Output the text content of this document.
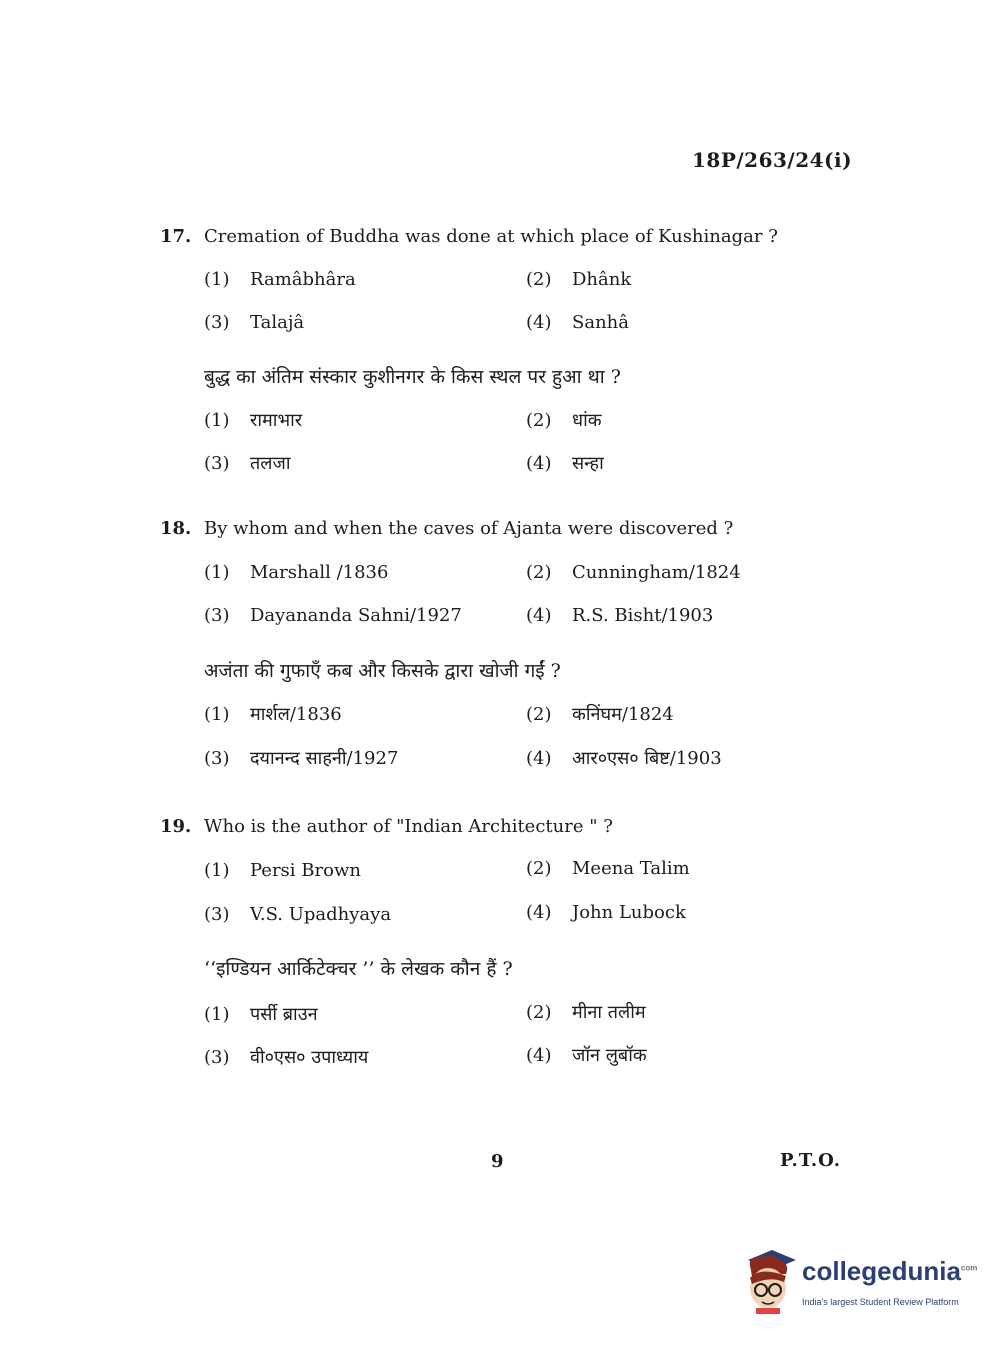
18P/263/24(i)
17. Cremation of Buddha was done at which place of Kushinagar ?
(1) Ramâbhâra	(2) Dhânk
(3) Talajâ	(4) Sanhâ
बुद्ध का अंतिम संस्कार कुशीनगर के किस स्थल पर हुआ था ?
(1) रामाभार	(2) धांक
(3) तलजा	(4) सन्हा
18. By whom and when the caves of Ajanta were discovered ?
(1) Marshall /1836	(2) Cunningham/1824
(3) Dayananda Sahni/1927	(4) R.S. Bisht/1903
अजंता की गुफाएँ कब और किसके द्वारा खोजी गईं ?
(1) मार्शल/1836	(2) कनिंघम/1824
(3) दयानन्द साहनी/1927	(4) आर०एस० बिष्ट/1903
19. Who is the author of "Indian Architecture " ?
(1) Persi Brown	(2) Meena Talim
(3) V.S. Upadhyaya	(4) John Lubock
‘‘इण्डियन आर्किटेक्चर ’’ के लेखक कौन हैं ?
(1) पर्सी ब्राउन	(2) मीना तलीम
(3) वी०एस० उपाध्याय	(4) जॉन लुबॉक
9	P.T.O.
collegedunia$^{com}$
India's largest Student Review Platform
